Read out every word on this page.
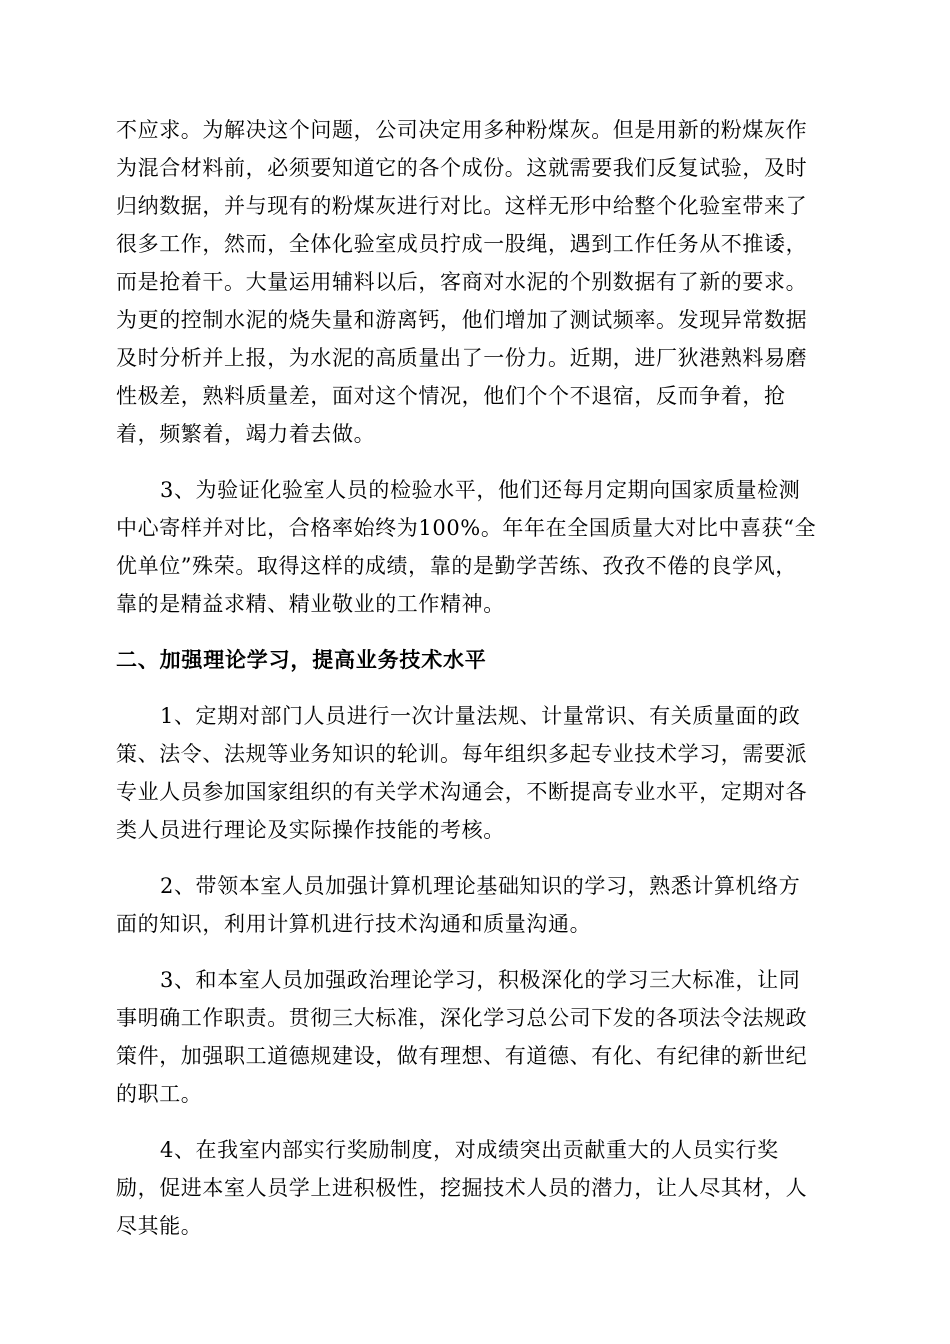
不应求。为解决这个问题，公司决定用多种粉煤灰。但是用新的粉煤灰作
为混合材料前，必须要知道它的各个成份。这就需要我们反复试验，及时
归纳数据，并与现有的粉煤灰进行对比。这样无形中给整个化验室带来了
很多工作，然而，全体化验室成员拧成一股绳，遇到工作任务从不推诿，
而是抢着干。大量运用辅料以后，客商对水泥的个别数据有了新的要求。
为更的控制水泥的烧失量和游离钙，他们增加了测试频率。发现异常数据
及时分析并上报，为水泥的高质量出了一份力。近期，进厂狄港熟料易磨
性极差，熟料质量差，面对这个情况，他们个个不退宿，反而争着，抢
着，频繁着，竭力着去做。
3、为验证化验室人员的检验水平，他们还每月定期向国家质量检测
中心寄样并对比，合格率始终为100%。年年在全国质量大对比中喜获“全
优单位”殊荣。取得这样的成绩，靠的是勤学苦练、孜孜不倦的良学风，
靠的是精益求精、精业敬业的工作精神。
二、加强理论学习，提高业务技术水平
1、定期对部门人员进行一次计量法规、计量常识、有关质量面的政
策、法令、法规等业务知识的轮训。每年组织多起专业技术学习，需要派
专业人员参加国家组织的有关学术沟通会，不断提高专业水平，定期对各
类人员进行理论及实际操作技能的考核。
2、带领本室人员加强计算机理论基础知识的学习，熟悉计算机络方
面的知识，利用计算机进行技术沟通和质量沟通。
3、和本室人员加强政治理论学习，积极深化的学习三大标准，让同
事明确工作职责。贯彻三大标准，深化学习总公司下发的各项法令法规政
策件，加强职工道德规建设，做有理想、有道德、有化、有纪律的新世纪
的职工。
4、在我室内部实行奖励制度，对成绩突出贡献重大的人员实行奖
励，促进本室人员学上进积极性，挖掘技术人员的潜力，让人尽其材，人
尽其能。
